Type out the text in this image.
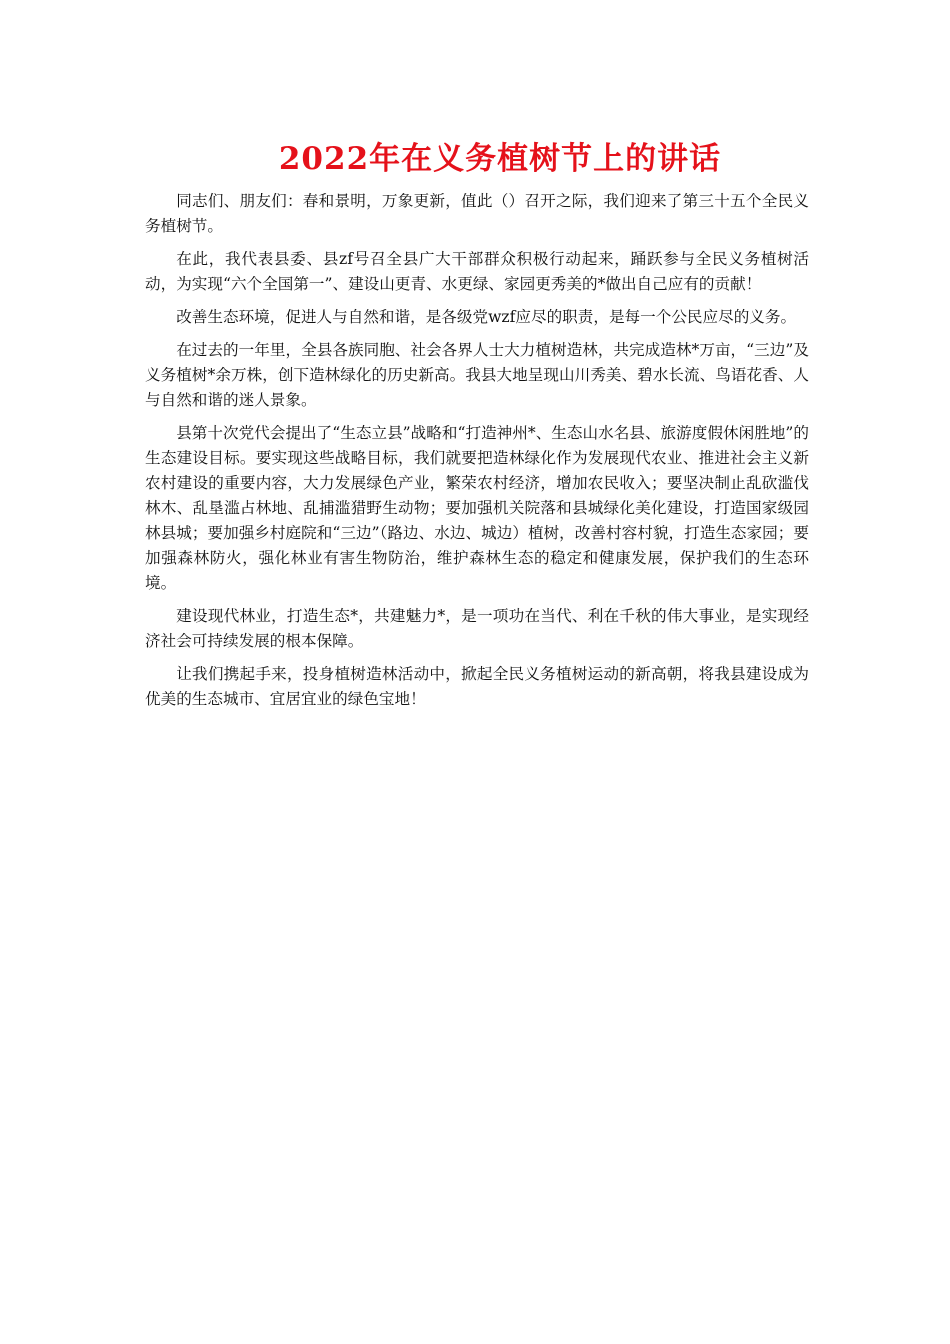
2022年在义务植树节上的讲话

同志们、朋友们：春和景明，万象更新，值此（）召开之际，我们迎来了第三十五个全民义务植树节。

在此，我代表县委、县zf号召全县广大干部群众积极行动起来，踊跃参与全民义务植树活动，为实现“六个全国第一”、建设山更青、水更绿、家园更秀美的*做出自己应有的贡献！

改善生态环境，促进人与自然和谐，是各级党wzf应尽的职责，是每一个公民应尽的义务。

在过去的一年里，全县各族同胞、社会各界人士大力植树造林，共完成造林*万亩，“三边”及义务植树*余万株，创下造林绿化的历史新高。我县大地呈现山川秀美、碧水长流、鸟语花香、人与自然和谐的迷人景象。

县第十次党代会提出了“生态立县”战略和“打造神州*、生态山水名县、旅游度假休闲胜地”的生态建设目标。要实现这些战略目标，我们就要把造林绿化作为发展现代农业、推进社会主义新农村建设的重要内容，大力发展绿色产业，繁荣农村经济，增加农民收入；要坚决制止乱砍滥伐林木、乱垦滥占林地、乱捕滥猎野生动物；要加强机关院落和县城绿化美化建设，打造国家级园林县城；要加强乡村庭院和“三边”（路边、水边、城边）植树，改善村容村貌，打造生态家园；要加强森林防火，强化林业有害生物防治，维护森林生态的稳定和健康发展，保护我们的生态环境。

建设现代林业，打造生态*，共建魅力*，是一项功在当代、利在千秋的伟大事业，是实现经济社会可持续发展的根本保障。

让我们携起手来，投身植树造林活动中，掀起全民义务植树运动的新高朝，将我县建设成为优美的生态城市、宜居宜业的绿色宝地！
